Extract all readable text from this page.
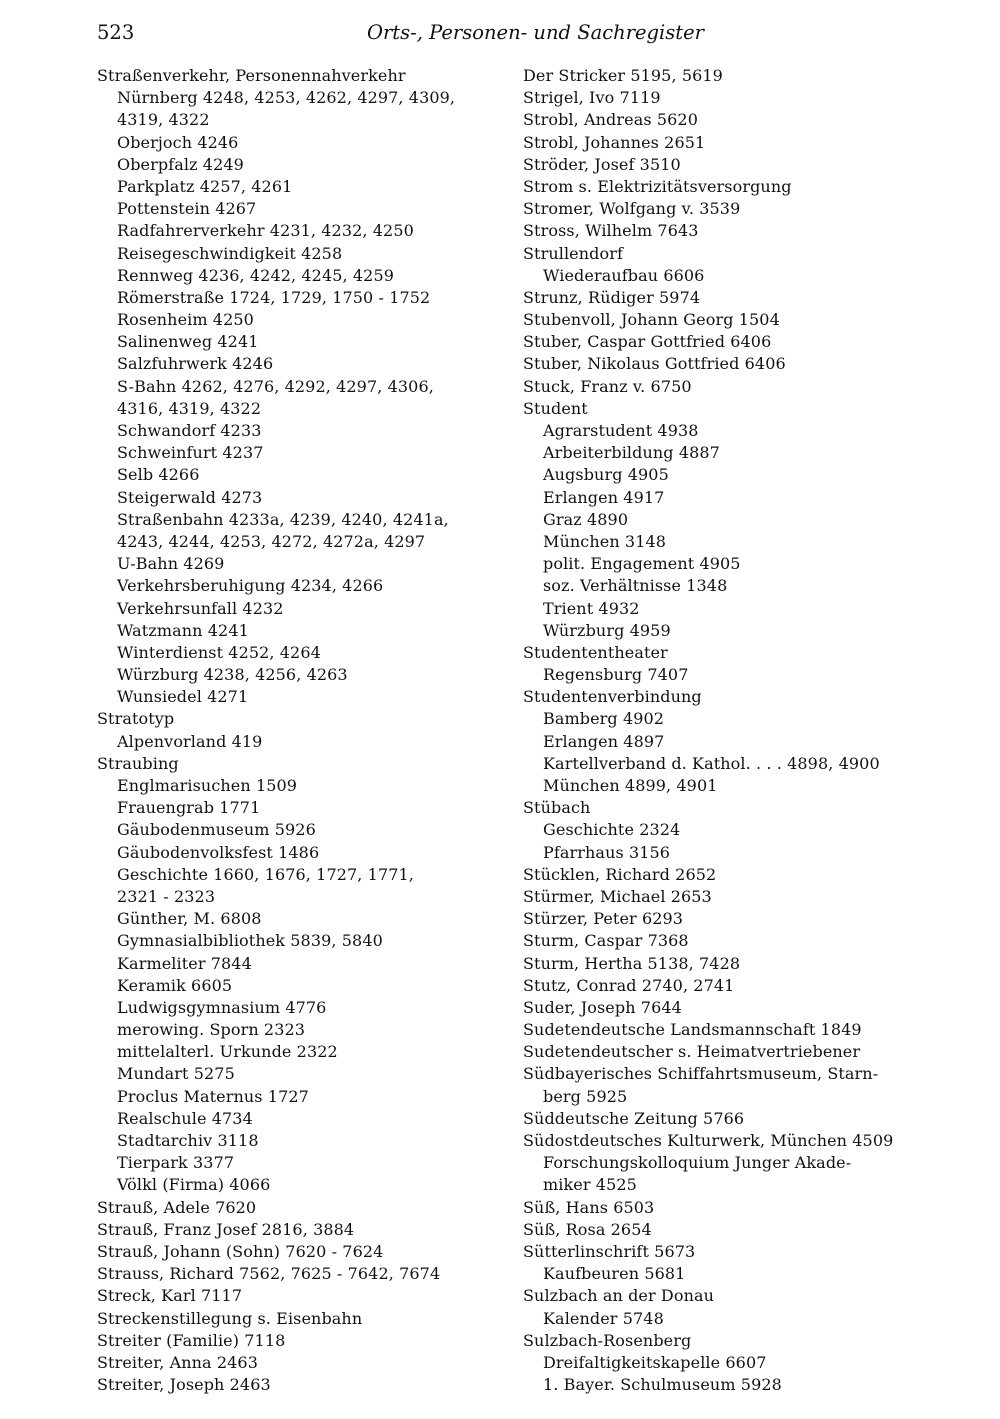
523	Orts-, Personen- und Sachregister
Straßenverkehr, Personennahverkehr
Nürnberg 4248, 4253, 4262, 4297, 4309,
4319, 4322
Oberjoch 4246
Oberpfalz 4249
Parkplatz 4257, 4261
Pottenstein 4267
Radfahrerverkehr 4231, 4232, 4250
Reisegeschwindigkeit 4258
Rennweg 4236, 4242, 4245, 4259
Römerstraße 1724, 1729, 1750 - 1752
Rosenheim 4250
Salinenweg 4241
Salzfuhrwerk 4246
S-Bahn 4262, 4276, 4292, 4297, 4306,
4316, 4319, 4322
Schwandorf 4233
Schweinfurt 4237
Selb 4266
Steigerwald 4273
Straßenbahn 4233a, 4239, 4240, 4241a,
4243, 4244, 4253, 4272, 4272a, 4297
U-Bahn 4269
Verkehrsberuhigung 4234, 4266
Verkehrsunfall 4232
Watzmann 4241
Winterdienst 4252, 4264
Würzburg 4238, 4256, 4263
Wunsiedel 4271
Stratotyp
Alpenvorland 419
Straubing
Englmarisuchen 1509
Frauengrab 1771
Gäubodenmuseum 5926
Gäubodenvolksfest 1486
Geschichte 1660, 1676, 1727, 1771,
2321 - 2323
Günther, M. 6808
Gymnasialbibliothek 5839, 5840
Karmeliter 7844
Keramik 6605
Ludwigsgymnasium 4776
merowing. Sporn 2323
mittelalterl. Urkunde 2322
Mundart 5275
Proclus Maternus 1727
Realschule 4734
Stadtarchiv 3118
Tierpark 3377
Völkl (Firma) 4066
Strauß, Adele 7620
Strauß, Franz Josef 2816, 3884
Strauß, Johann (Sohn) 7620 - 7624
Strauss, Richard 7562, 7625 - 7642, 7674
Streck, Karl 7117
Streckenstillegung s. Eisenbahn
Streiter (Familie) 7118
Streiter, Anna 2463
Streiter, Joseph 2463
Der Stricker 5195, 5619
Strigel, Ivo 7119
Strobl, Andreas 5620
Strobl, Johannes 2651
Ströder, Josef 3510
Strom s. Elektrizitätsversorgung
Stromer, Wolfgang v. 3539
Stross, Wilhelm 7643
Strullendorf
Wiederaufbau 6606
Strunz, Rüdiger 5974
Stubenvoll, Johann Georg 1504
Stuber, Caspar Gottfried 6406
Stuber, Nikolaus Gottfried 6406
Stuck, Franz v. 6750
Student
Agrarstudent 4938
Arbeiterbildung 4887
Augsburg 4905
Erlangen 4917
Graz 4890
München 3148
polit. Engagement 4905
soz. Verhältnisse 1348
Trient 4932
Würzburg 4959
Studententheater
Regensburg 7407
Studentenverbindung
Bamberg 4902
Erlangen 4897
Kartellverband d. Kathol. . . . 4898, 4900
München 4899, 4901
Stübach
Geschichte 2324
Pfarrhaus 3156
Stücklen, Richard 2652
Stürmer, Michael 2653
Stürzer, Peter 6293
Sturm, Caspar 7368
Sturm, Hertha 5138, 7428
Stutz, Conrad 2740, 2741
Suder, Joseph 7644
Sudetendeutsche Landsmannschaft 1849
Sudetendeutscher s. Heimatvertriebener
Südbayerisches Schiffahrtsmuseum, Starn-
berg 5925
Süddeutsche Zeitung 5766
Südostdeutsches Kulturwerk, München 4509
Forschungskolloquium Junger Akade-
miker 4525
Süß, Hans 6503
Süß, Rosa 2654
Sütterlinschrift 5673
Kaufbeuren 5681
Sulzbach an der Donau
Kalender 5748
Sulzbach-Rosenberg
Dreifaltigkeitskapelle 6607
1. Bayer. Schulmuseum 5928
